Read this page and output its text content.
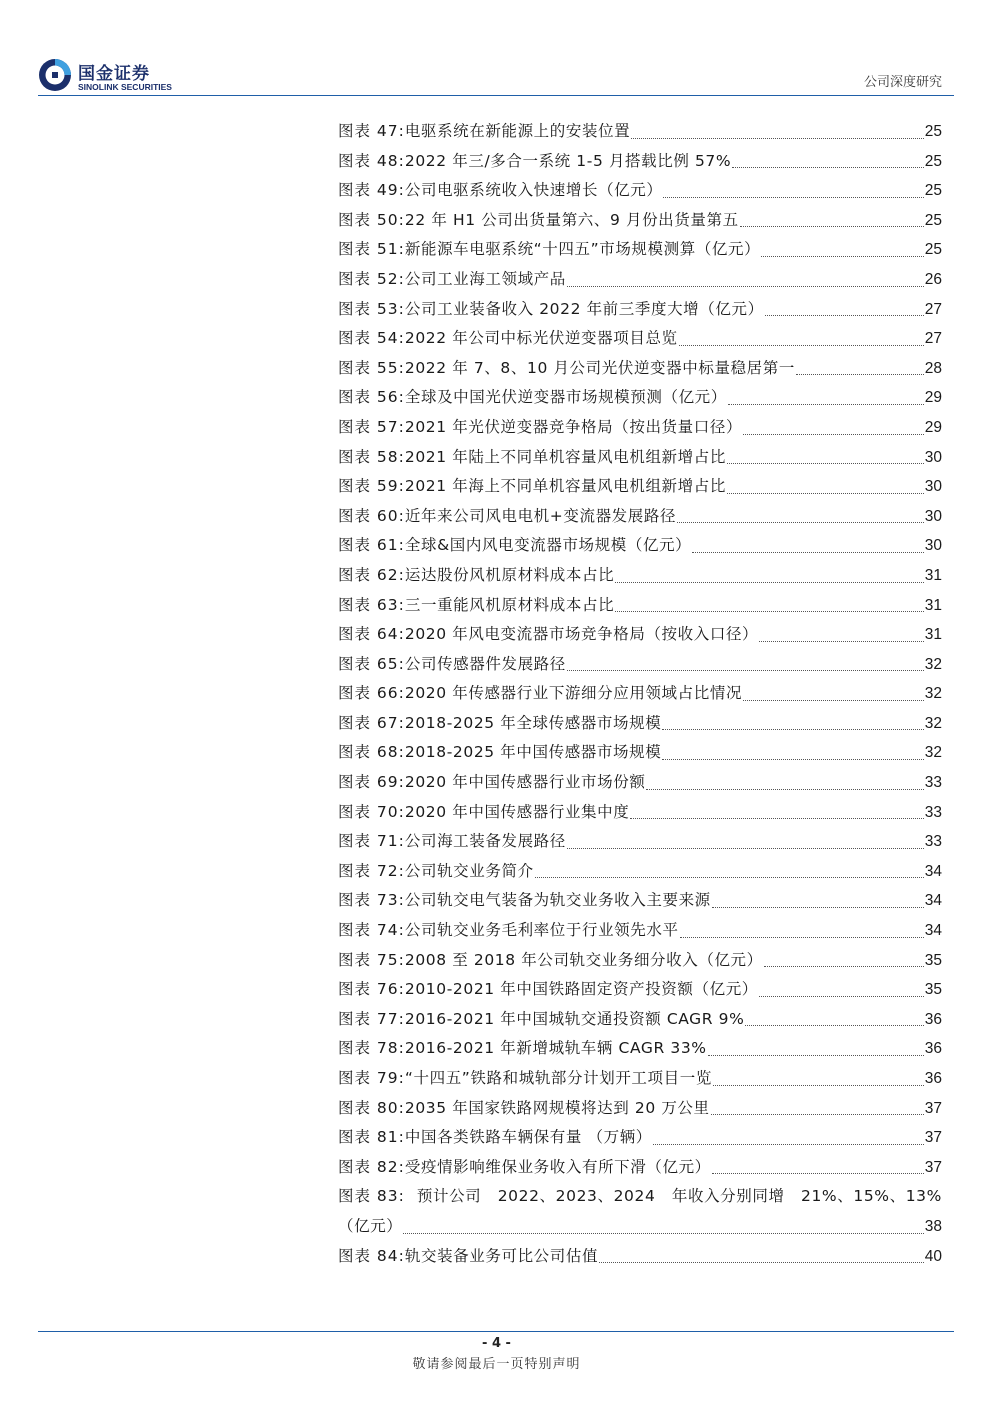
国金证券
SINOLINK SECURITIES	公司深度研究
图表 47: 电驱系统在新能源上的安装位置	25
图表 48: 2022 年三/多合一系统 1-5 月搭载比例 57%	25
图表 49: 公司电驱系统收入快速增长（亿元）	25
图表 50: 22 年 H1 公司出货量第六、9 月份出货量第五	25
图表 51: 新能源车电驱系统“十四五”市场规模测算（亿元）	25
图表 52: 公司工业海工领域产品	26
图表 53: 公司工业装备收入 2022 年前三季度大增（亿元）	27
图表 54: 2022 年公司中标光伏逆变器项目总览	27
图表 55: 2022 年 7、8、10 月公司光伏逆变器中标量稳居第一	28
图表 56: 全球及中国光伏逆变器市场规模预测（亿元）	29
图表 57: 2021 年光伏逆变器竞争格局（按出货量口径）	29
图表 58: 2021 年陆上不同单机容量风电机组新增占比	30
图表 59: 2021 年海上不同单机容量风电机组新增占比	30
图表 60: 近年来公司风电电机+变流器发展路径	30
图表 61: 全球&国内风电变流器市场规模（亿元）	30
图表 62: 运达股份风机原材料成本占比	31
图表 63: 三一重能风机原材料成本占比	31
图表 64: 2020 年风电变流器市场竞争格局（按收入口径）	31
图表 65: 公司传感器件发展路径	32
图表 66: 2020 年传感器行业下游细分应用领域占比情况	32
图表 67: 2018-2025 年全球传感器市场规模	32
图表 68: 2018-2025 年中国传感器市场规模	32
图表 69: 2020 年中国传感器行业市场份额	33
图表 70: 2020 年中国传感器行业集中度	33
图表 71: 公司海工装备发展路径	33
图表 72: 公司轨交业务简介	34
图表 73: 公司轨交电气装备为轨交业务收入主要来源	34
图表 74: 公司轨交业务毛利率位于行业领先水平	34
图表 75: 2008 至 2018 年公司轨交业务细分收入（亿元）	35
图表 76: 2010-2021 年中国铁路固定资产投资额（亿元）	35
图表 77: 2016-2021 年中国城轨交通投资额 CAGR 9%	36
图表 78: 2016-2021 年新增城轨车辆 CAGR 33%	36
图表 79: “十四五”铁路和城轨部分计划开工项目一览	36
图表 80: 2035 年国家铁路网规模将达到 20 万公里	37
图表 81: 中国各类铁路车辆保有量 （万辆）	37
图表 82: 受疫情影响维保业务收入有所下滑（亿元）	37
图表 83: 预计公司 2022、2023、2024 年收入分别同增 21%、15%、13%
（亿元）	38
图表 84: 轨交装备业务可比公司估值	40
- 4 -
敬请参阅最后一页特别声明
